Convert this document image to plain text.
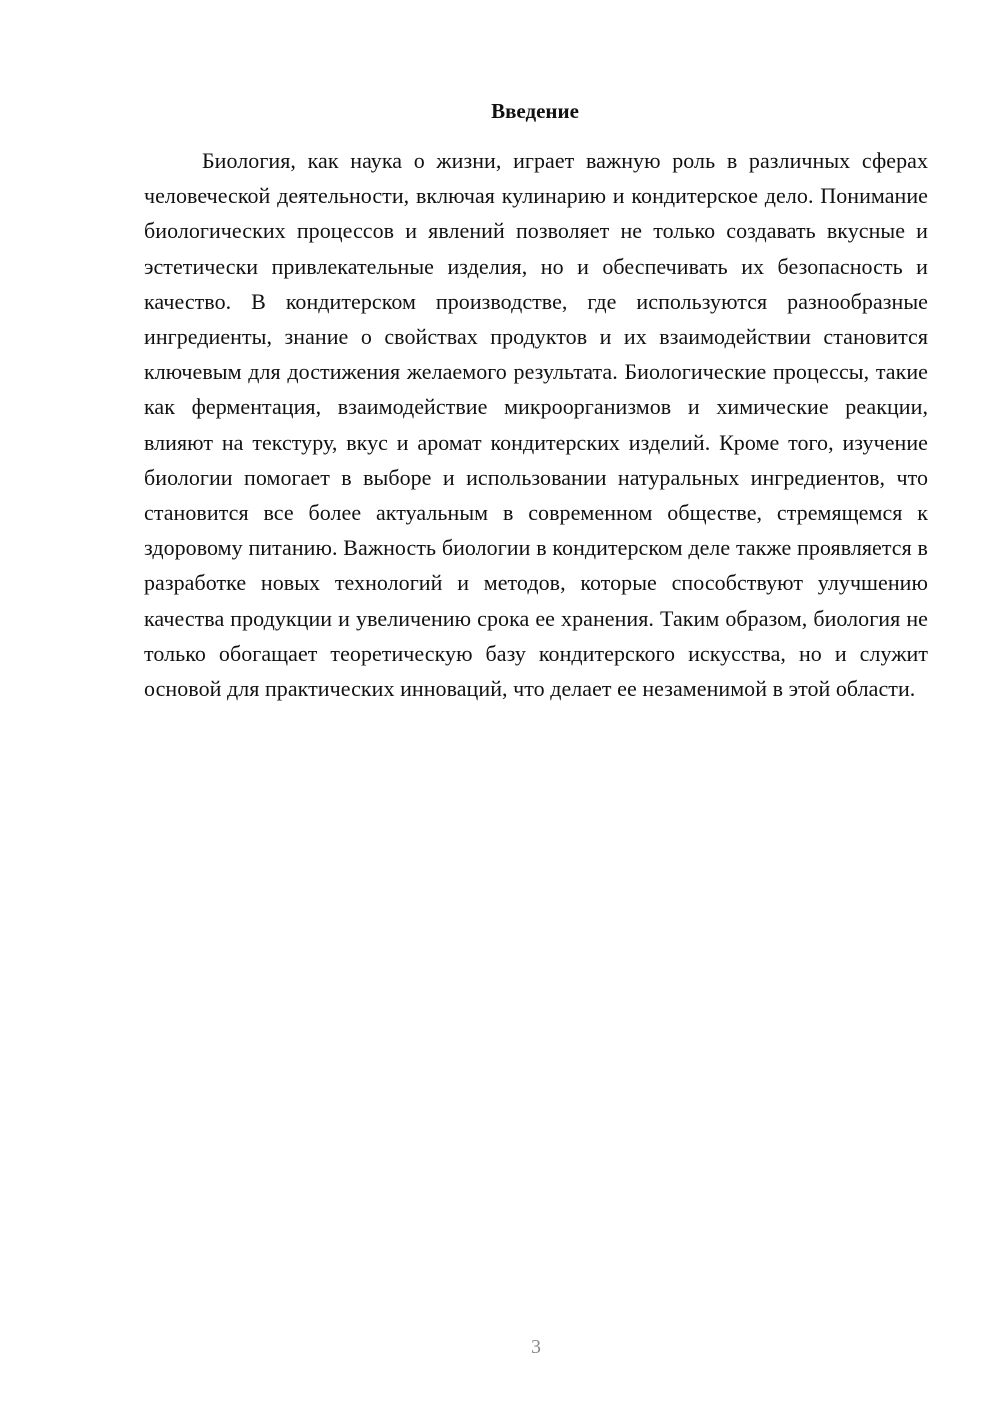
Введение

Биология, как наука о жизни, играет важную роль в различных сферах человеческой деятельности, включая кулинарию и кондитерское дело. Понимание биологических процессов и явлений позволяет не только создавать вкусные и эстетически привлекательные изделия, но и обеспечивать их безопасность и качество. В кондитерском производстве, где используются разнообразные ингредиенты, знание о свойствах продуктов и их взаимодействии становится ключевым для достижения желаемого результата. Биологические процессы, такие как ферментация, взаимодействие микроорганизмов и химические реакции, влияют на текстуру, вкус и аромат кондитерских изделий. Кроме того, изучение биологии помогает в выборе и использовании натуральных ингредиентов, что становится все более актуальным в современном обществе, стремящемся к здоровому питанию. Важность биологии в кондитерском деле также проявляется в разработке новых технологий и методов, которые способствуют улучшению качества продукции и увеличению срока ее хранения. Таким образом, биология не только обогащает теоретическую базу кондитерского искусства, но и служит основой для практических инноваций, что делает ее незаменимой в этой области.

3
